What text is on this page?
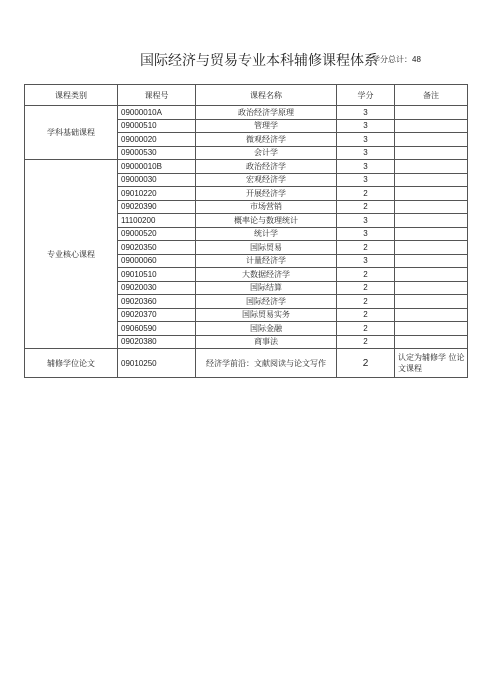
国际经济与贸易专业本科辅修课程体系
学分总计：48
课程类别	课程号	课程名称	学分	备注
学科基础课程	09000010A	政治经济学原理	3	
	09000510	管理学	3	
	09000020	微观经济学	3	
	09000530	会计学	3	
专业核心课程	09000010B	政治经济学	3	
	09000030	宏观经济学	3	
	09010220	开展经济学	2	
	09020390	市场营销	2	
	11100200	概率论与数理统计	3	
	09000520	统计学	3	
	09020350	国际贸易	2	
	09000060	计量经济学	3	
	09010510	大数据经济学	2	
	09020030	国际结算	2	
	09020360	国际经济学	2	
	09020370	国际贸易实务	2	
	09060590	国际金融	2	
	09020380	商事法	2	
辅修学位论文	09010250	经济学前沿：文献阅读与论文写作	2	认定为辅修学 位论文课程
